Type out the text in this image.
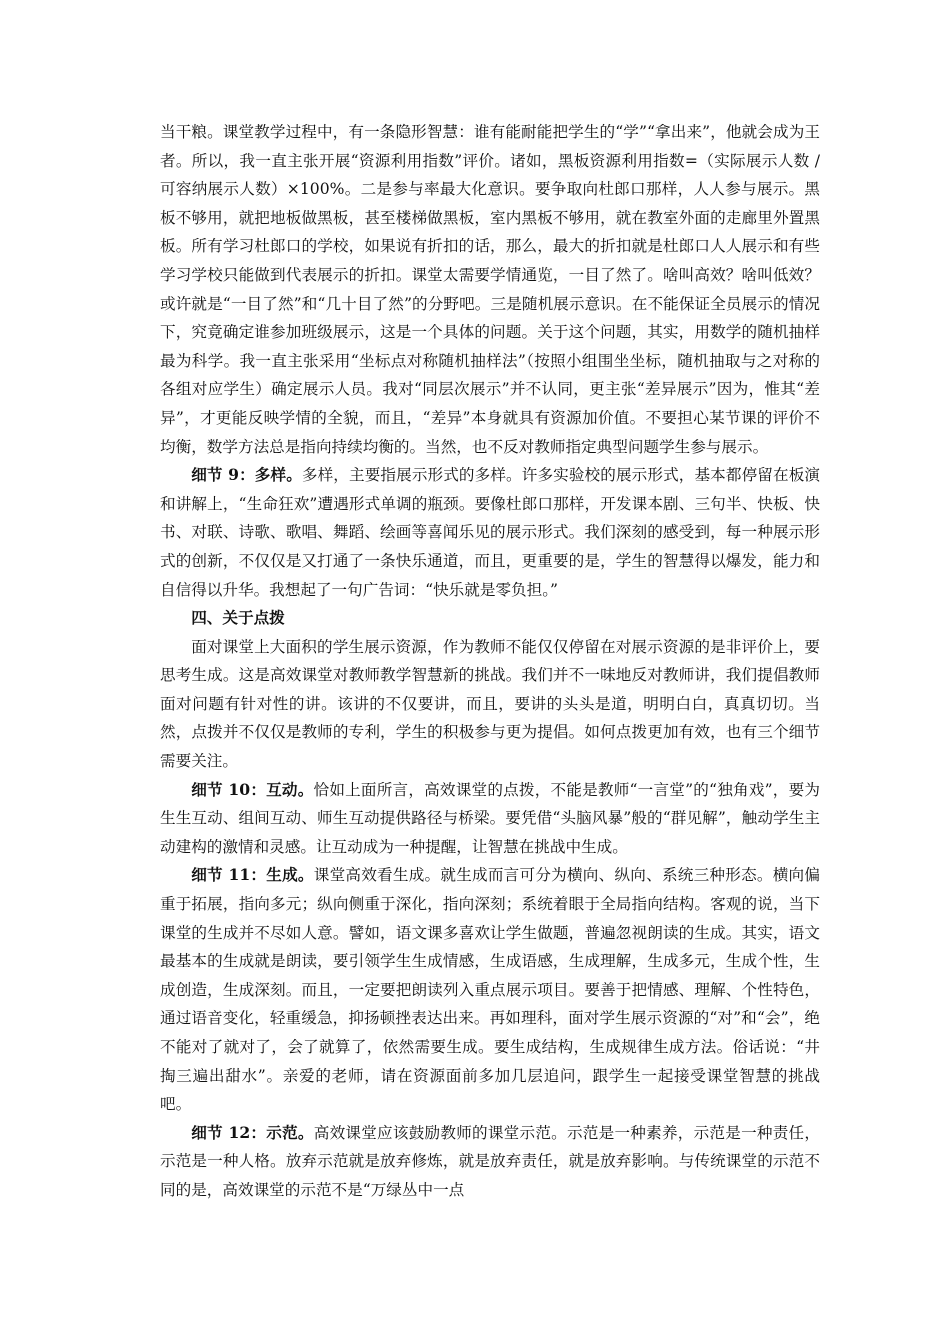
当干粮。课堂教学过程中，有一条隐形智慧：谁有能耐能把学生的“学”“拿出来”，他就会成为王者。所以，我一直主张开展“资源利用指数”评价。诸如，黑板资源利用指数=（实际展示人数 / 可容纳展示人数）×100%。二是参与率最大化意识。要争取向杜郎口那样，人人参与展示。黑板不够用，就把地板做黑板，甚至楼梯做黑板，室内黑板不够用，就在教室外面的走廊里外置黑板。所有学习杜郎口的学校，如果说有折扣的话，那么，最大的折扣就是杜郎口人人展示和有些学习学校只能做到代表展示的折扣。课堂太需要学情通览，一目了然了。啥叫高效？啥叫低效？或许就是“一目了然”和“几十目了然”的分野吧。三是随机展示意识。在不能保证全员展示的情况下，究竟确定谁参加班级展示，这是一个具体的问题。关于这个问题，其实，用数学的随机抽样最为科学。我一直主张采用“坐标点对称随机抽样法”（按照小组围坐坐标，随机抽取与之对称的各组对应学生）确定展示人员。我对“同层次展示”并不认同，更主张“差异展示”因为，惟其“差异”，才更能反映学情的全貌，而且，“差异”本身就具有资源加价值。不要担心某节课的评价不均衡，数学方法总是指向持续均衡的。当然，也不反对教师指定典型问题学生参与展示。

细节 9：多样。多样，主要指展示形式的多样。许多实验校的展示形式，基本都停留在板演和讲解上，“生命狂欢”遭遇形式单调的瓶颈。要像杜郎口那样，开发课本剧、三句半、快板、快书、对联、诗歌、歌唱、舞蹈、绘画等喜闻乐见的展示形式。我们深刻的感受到，每一种展示形式的创新，不仅仅是又打通了一条快乐通道，而且，更重要的是，学生的智慧得以爆发，能力和自信得以升华。我想起了一句广告词：“快乐就是零负担。”

四、关于点拨

面对课堂上大面积的学生展示资源，作为教师不能仅仅停留在对展示资源的是非评价上，要思考生成。这是高效课堂对教师教学智慧新的挑战。我们并不一味地反对教师讲，我们提倡教师面对问题有针对性的讲。该讲的不仅要讲，而且，要讲的头头是道，明明白白，真真切切。当然，点拨并不仅仅是教师的专利，学生的积极参与更为提倡。如何点拨更加有效，也有三个细节需要关注。

细节 10：互动。恰如上面所言，高效课堂的点拨，不能是教师“一言堂”的“独角戏”，要为生生互动、组间互动、师生互动提供路径与桥梁。要凭借“头脑风暴”般的“群见解”，触动学生主动建构的激情和灵感。让互动成为一种提醒，让智慧在挑战中生成。

细节 11：生成。课堂高效看生成。就生成而言可分为横向、纵向、系统三种形态。横向偏重于拓展，指向多元；纵向侧重于深化，指向深刻；系统着眼于全局指向结构。客观的说，当下课堂的生成并不尽如人意。譬如，语文课多喜欢让学生做题，普遍忽视朗读的生成。其实，语文最基本的生成就是朗读，要引领学生生成情感，生成语感，生成理解，生成多元，生成个性，生成创造，生成深刻。而且，一定要把朗读列入重点展示项目。要善于把情感、理解、个性特色，通过语音变化，轻重缓急，抑扬顿挫表达出来。再如理科，面对学生展示资源的“对”和“会”，绝不能对了就对了，会了就算了，依然需要生成。要生成结构，生成规律生成方法。俗话说：“井掏三遍出甜水”。亲爱的老师，请在资源面前多加几层追问，跟学生一起接受课堂智慧的挑战吧。

细节 12：示范。高效课堂应该鼓励教师的课堂示范。示范是一种素养，示范是一种责任，示范是一种人格。放弃示范就是放弃修炼，就是放弃责任，就是放弃影响。与传统课堂的示范不同的是，高效课堂的示范不是“万绿丛中一点
